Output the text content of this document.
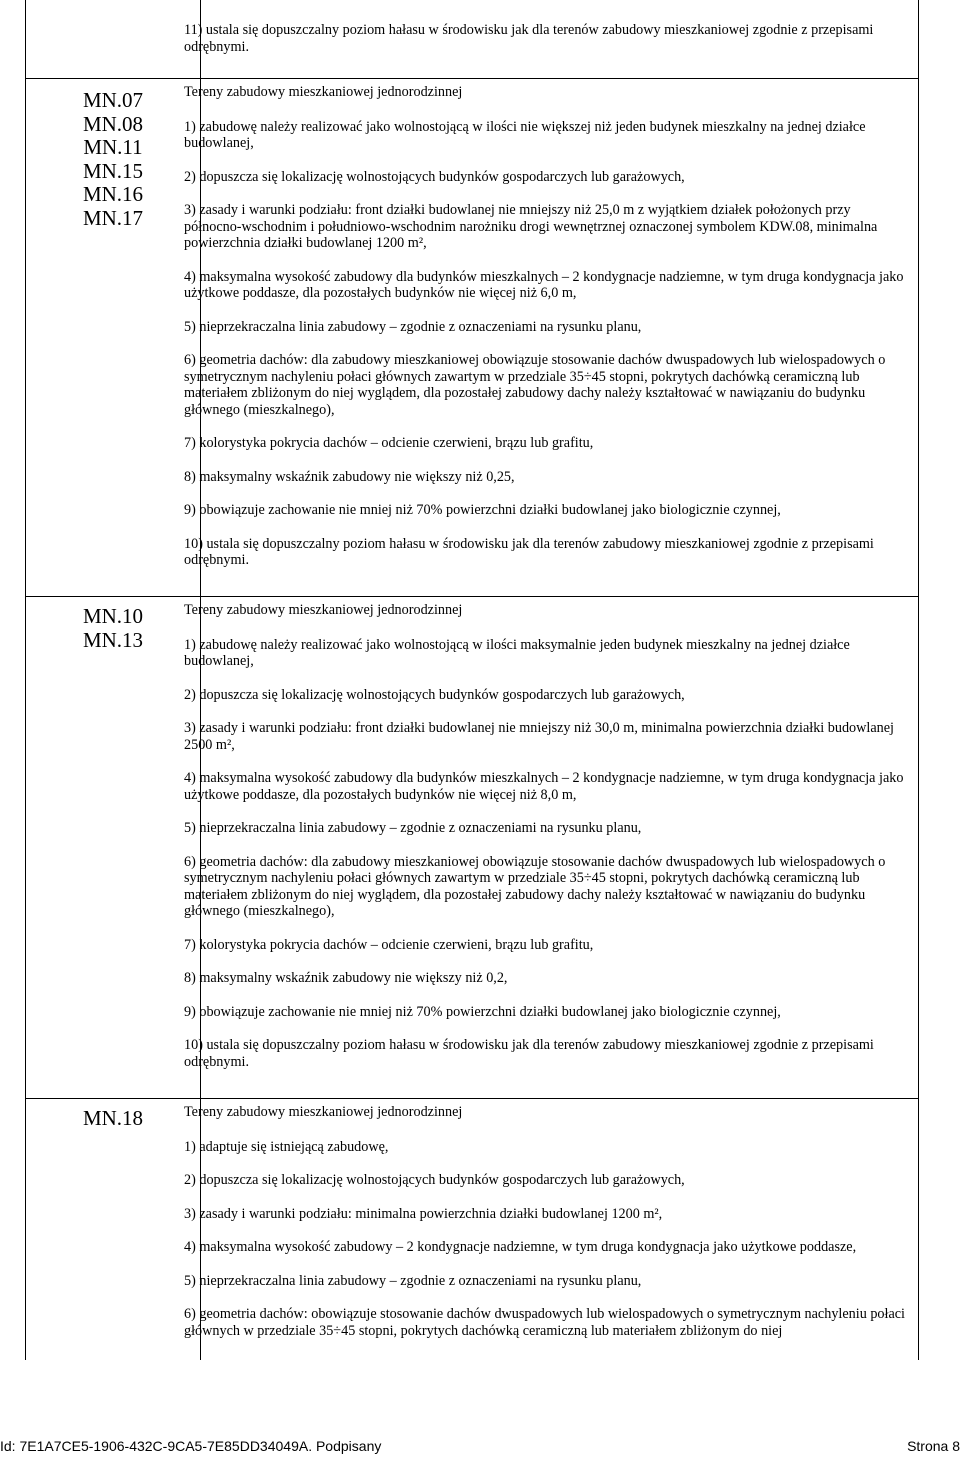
11) ustala się dopuszczalny poziom hałasu w środowisku jak dla terenów zabudowy mieszkaniowej zgodnie z przepisami odrębnymi.

MN.07
MN.08
MN.11
MN.15
MN.16
MN.17

Tereny zabudowy mieszkaniowej jednorodzinnej

1) zabudowę należy realizować jako wolnostojącą w ilości nie większej niż jeden budynek mieszkalny na jednej działce budowlanej,

2) dopuszcza się lokalizację wolnostojących budynków gospodarczych lub garażowych,

3) zasady i warunki podziału: front działki budowlanej nie mniejszy niż 25,0 m z wyjątkiem działek położonych przy północno-wschodnim i południowo-wschodnim narożniku drogi wewnętrznej oznaczonej symbolem KDW.08, minimalna powierzchnia działki budowlanej 1200 m²,

4) maksymalna wysokość zabudowy dla budynków mieszkalnych – 2 kondygnacje nadziemne, w tym druga kondygnacja jako użytkowe poddasze, dla pozostałych budynków nie więcej niż 6,0 m,

5) nieprzekraczalna linia zabudowy – zgodnie z oznaczeniami na rysunku planu,

6) geometria dachów: dla zabudowy mieszkaniowej obowiązuje stosowanie dachów dwuspadowych lub wielospadowych o symetrycznym nachyleniu połaci głównych zawartym w przedziale 35÷45 stopni, pokrytych dachówką ceramiczną lub materiałem zbliżonym do niej wyglądem, dla pozostałej zabudowy dachy należy kształtować w nawiązaniu do budynku głównego (mieszkalnego),

7) kolorystyka pokrycia dachów – odcienie czerwieni, brązu lub grafitu,

8) maksymalny wskaźnik zabudowy nie większy niż 0,25,

9) obowiązuje zachowanie nie mniej niż 70% powierzchni działki budowlanej jako biologicznie czynnej,

10) ustala się dopuszczalny poziom hałasu w środowisku jak dla terenów zabudowy mieszkaniowej zgodnie z przepisami odrębnymi.

MN.10
MN.13

Tereny zabudowy mieszkaniowej jednorodzinnej

1) zabudowę należy realizować jako wolnostojącą w ilości maksymalnie jeden budynek mieszkalny na jednej działce budowlanej,

2) dopuszcza się lokalizację wolnostojących budynków gospodarczych lub garażowych,

3) zasady i warunki podziału: front działki budowlanej nie mniejszy niż 30,0 m, minimalna powierzchnia działki budowlanej 2500 m²,

4) maksymalna wysokość zabudowy dla budynków mieszkalnych – 2 kondygnacje nadziemne, w tym druga kondygnacja jako użytkowe poddasze, dla pozostałych budynków nie więcej niż 8,0 m,

5) nieprzekraczalna linia zabudowy – zgodnie z oznaczeniami na rysunku planu,

6) geometria dachów: dla zabudowy mieszkaniowej obowiązuje stosowanie dachów dwuspadowych lub wielospadowych o symetrycznym nachyleniu połaci głównych zawartym w przedziale 35÷45 stopni, pokrytych dachówką ceramiczną lub materiałem zbliżonym do niej wyglądem, dla pozostałej zabudowy dachy należy kształtować w nawiązaniu do budynku głównego (mieszkalnego),

7) kolorystyka pokrycia dachów – odcienie czerwieni, brązu lub grafitu,

8) maksymalny wskaźnik zabudowy nie większy niż 0,2,

9) obowiązuje zachowanie nie mniej niż 70% powierzchni działki budowlanej jako biologicznie czynnej,

10) ustala się dopuszczalny poziom hałasu w środowisku jak dla terenów zabudowy mieszkaniowej zgodnie z przepisami odrębnymi.

MN.18	Tereny zabudowy mieszkaniowej jednorodzinnej

1) adaptuje się istniejącą zabudowę,

2) dopuszcza się lokalizację wolnostojących budynków gospodarczych lub garażowych,

3) zasady i warunki podziału: minimalna powierzchnia działki budowlanej 1200 m²,

4) maksymalna wysokość zabudowy – 2 kondygnacje nadziemne, w tym druga kondygnacja jako użytkowe poddasze,

5) nieprzekraczalna linia zabudowy – zgodnie z oznaczeniami na rysunku planu,

6) geometria dachów: obowiązuje stosowanie dachów dwuspadowych lub wielospadowych o symetrycznym nachyleniu połaci głównych w przedziale 35÷45 stopni, pokrytych dachówką ceramiczną lub materiałem zbliżonym do niej

Id: 7E1A7CE5-1906-432C-9CA5-7E85DD34049A. Podpisany	Strona 8
